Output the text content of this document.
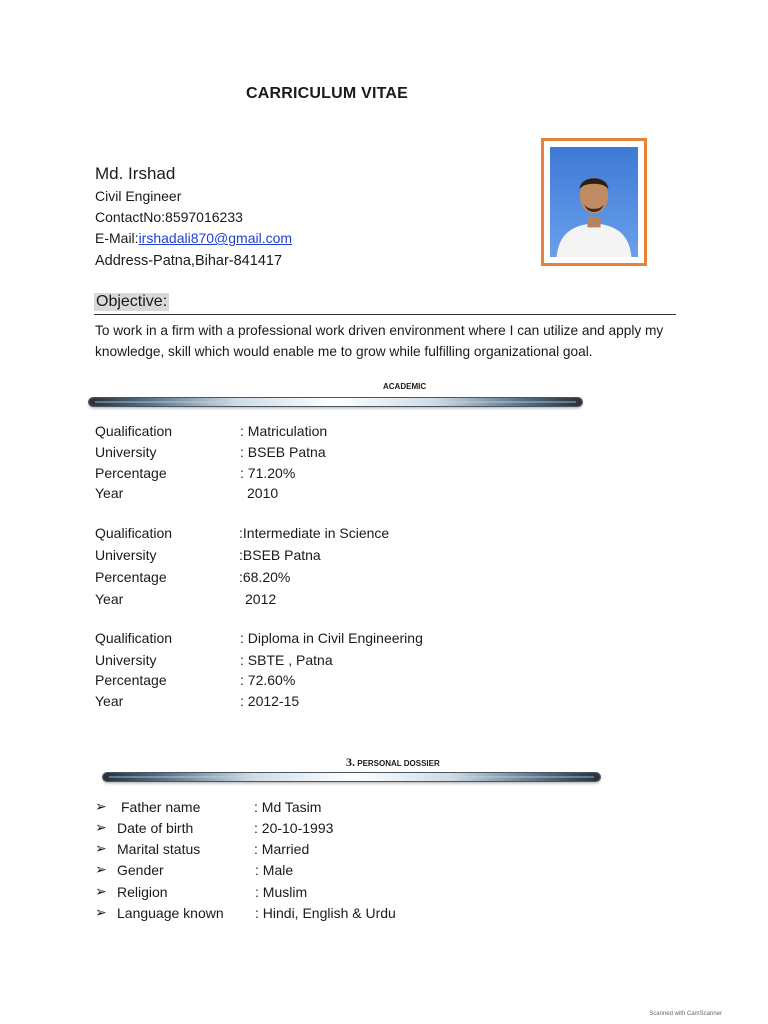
CARRICULUM VITAE
Md. Irshad
Civil Engineer
ContactNo:8597016233
E-Mail:irshadali870@gmail.com
Address-Patna,Bihar-841417
Objective:
To work in a firm with a professional work driven environment where I can utilize and apply my knowledge, skill which would enable me to grow while fulfilling organizational goal.
ACADEMIC
Qualification	: Matriculation
University	: BSEB Patna
Percentage	: 71.20%
Year	2010
Qualification	:Intermediate in Science
University	:BSEB Patna
Percentage	:68.20%
Year	2012
Qualification	: Diploma in Civil Engineering
University	: SBTE , Patna
Percentage	: 72.60%
Year	: 2012-15
3. PERSONAL DOSSIER
➢ Father name	: Md Tasim
➢ Date of birth	: 20-10-1993
➢ Marital status	: Married
➢ Gender	: Male
➢ Religion	: Muslim
➢ Language known : Hindi, English & Urdu
Scanned with CamScanner
